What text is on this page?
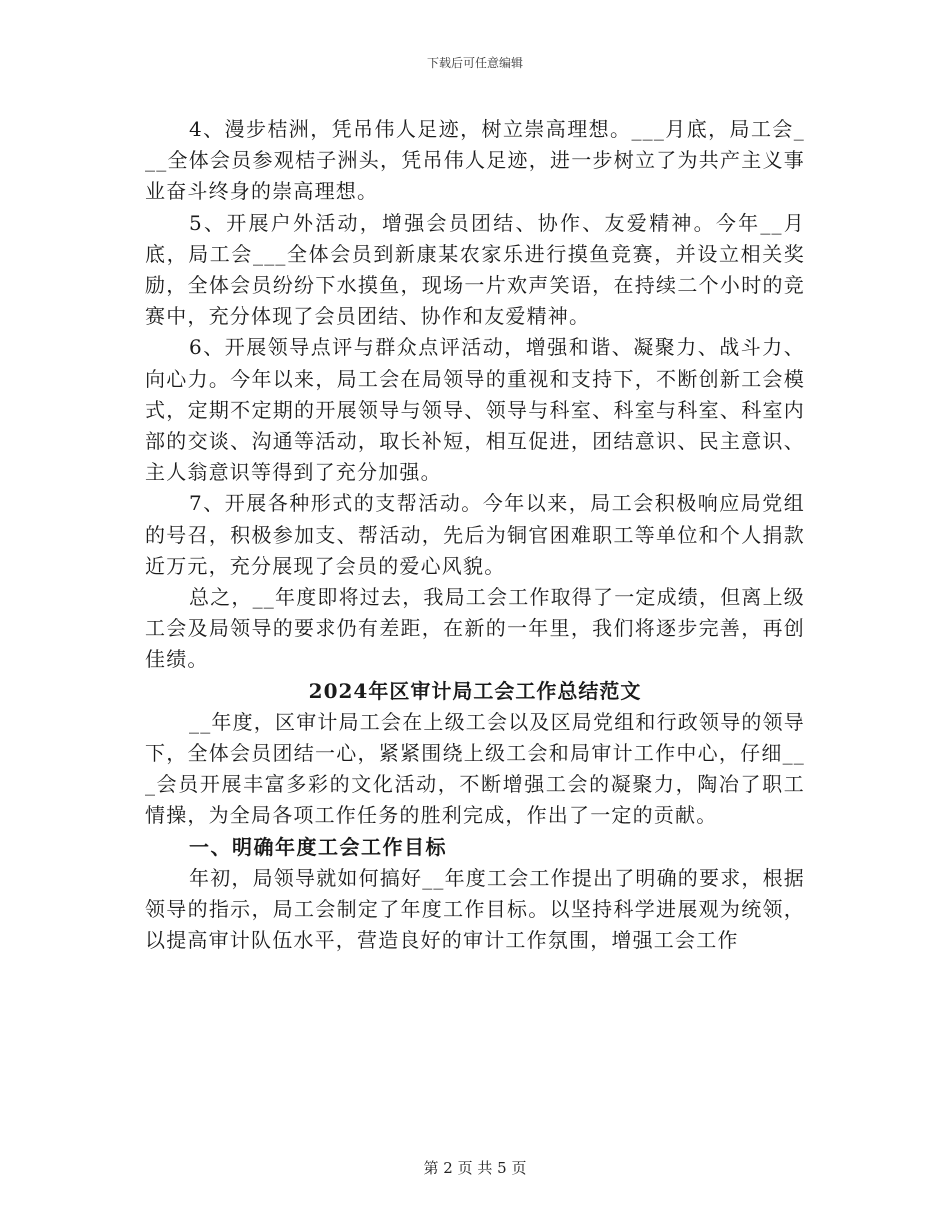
下载后可任意编辑

4、漫步桔洲，凭吊伟人足迹，树立崇高理想。___月底，局工会___全体会员参观桔子洲头，凭吊伟人足迹，进一步树立了为共产主义事业奋斗终身的崇高理想。

5、开展户外活动，增强会员团结、协作、友爱精神。今年__月底，局工会___全体会员到新康某农家乐进行摸鱼竞赛，并设立相关奖励，全体会员纷纷下水摸鱼，现场一片欢声笑语，在持续二个小时的竞赛中，充分体现了会员团结、协作和友爱精神。

6、开展领导点评与群众点评活动，增强和谐、凝聚力、战斗力、向心力。今年以来，局工会在局领导的重视和支持下，不断创新工会模式，定期不定期的开展领导与领导、领导与科室、科室与科室、科室内部的交谈、沟通等活动，取长补短，相互促进，团结意识、民主意识、主人翁意识等得到了充分加强。

7、开展各种形式的支帮活动。今年以来，局工会积极响应局党组的号召，积极参加支、帮活动，先后为铜官困难职工等单位和个人捐款近万元，充分展现了会员的爱心风貌。

总之，__年度即将过去，我局工会工作取得了一定成绩，但离上级工会及局领导的要求仍有差距，在新的一年里，我们将逐步完善，再创佳绩。

2024年区审计局工会工作总结范文

__年度，区审计局工会在上级工会以及区局党组和行政领导的领导下，全体会员团结一心，紧紧围绕上级工会和局审计工作中心，仔细___会员开展丰富多彩的文化活动，不断增强工会的凝聚力，陶冶了职工情操，为全局各项工作任务的胜利完成，作出了一定的贡献。

一、明确年度工会工作目标

年初，局领导就如何搞好__年度工会工作提出了明确的要求，根据领导的指示，局工会制定了年度工作目标。以坚持科学进展观为统领，以提高审计队伍水平，营造良好的审计工作氛围，增强工会工作

第 2 页 共 5 页
